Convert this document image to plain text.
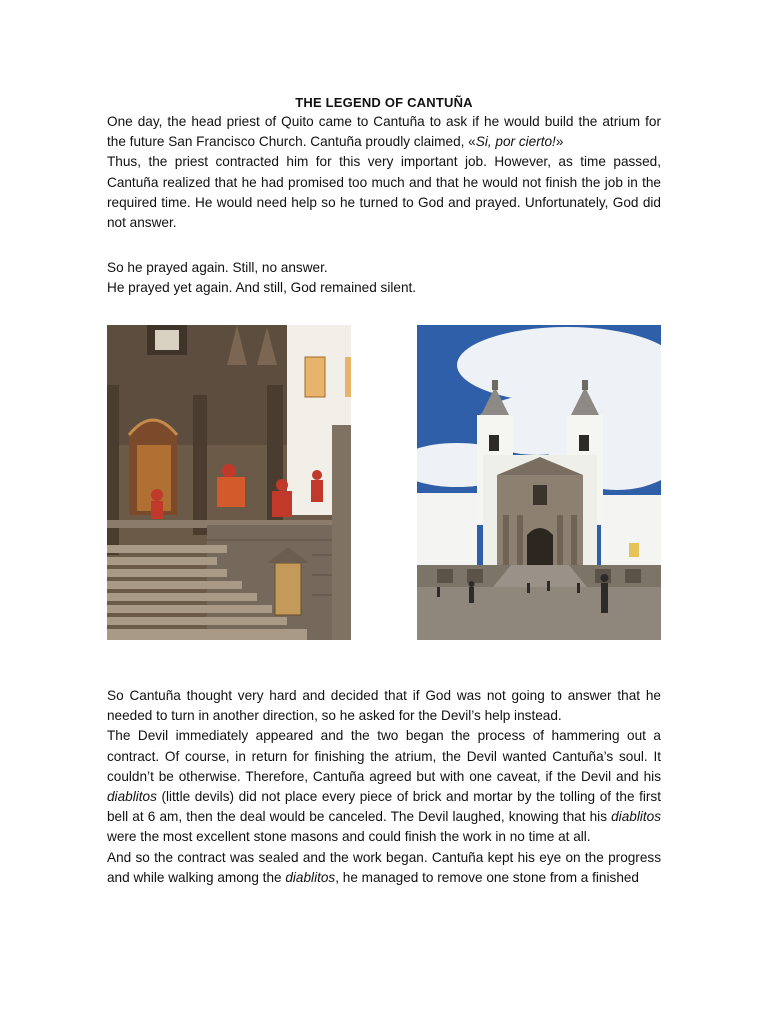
THE LEGEND OF CANTUÑA

One day, the head priest of Quito came to Cantuña to ask if he would build the atrium for the future San Francisco Church. Cantuña proudly claimed, «Si, por cierto!»

Thus, the priest contracted him for this very important job. However, as time passed, Cantuña realized that he had promised too much and that he would not finish the job in the required time. He would need help so he turned to God and prayed. Unfortunately, God did not answer.

So he prayed again. Still, no answer.

He prayed yet again. And still, God remained silent.

So Cantuña thought very hard and decided that if God was not going to answer that he needed to turn in another direction, so he asked for the Devil’s help instead.

The Devil immediately appeared and the two began the process of hammering out a contract. Of course, in return for finishing the atrium, the Devil wanted Cantuña’s soul. It couldn’t be otherwise. Therefore, Cantuña agreed but with one caveat, if the Devil and his diablitos (little devils) did not place every piece of brick and mortar by the tolling of the first bell at 6 am, then the deal would be canceled. The Devil laughed, knowing that his diablitos were the most excellent stone masons and could finish the work in no time at all.

And so the contract was sealed and the work began. Cantuña kept his eye on the progress and while walking among the diablitos, he managed to remove one stone from a finished
